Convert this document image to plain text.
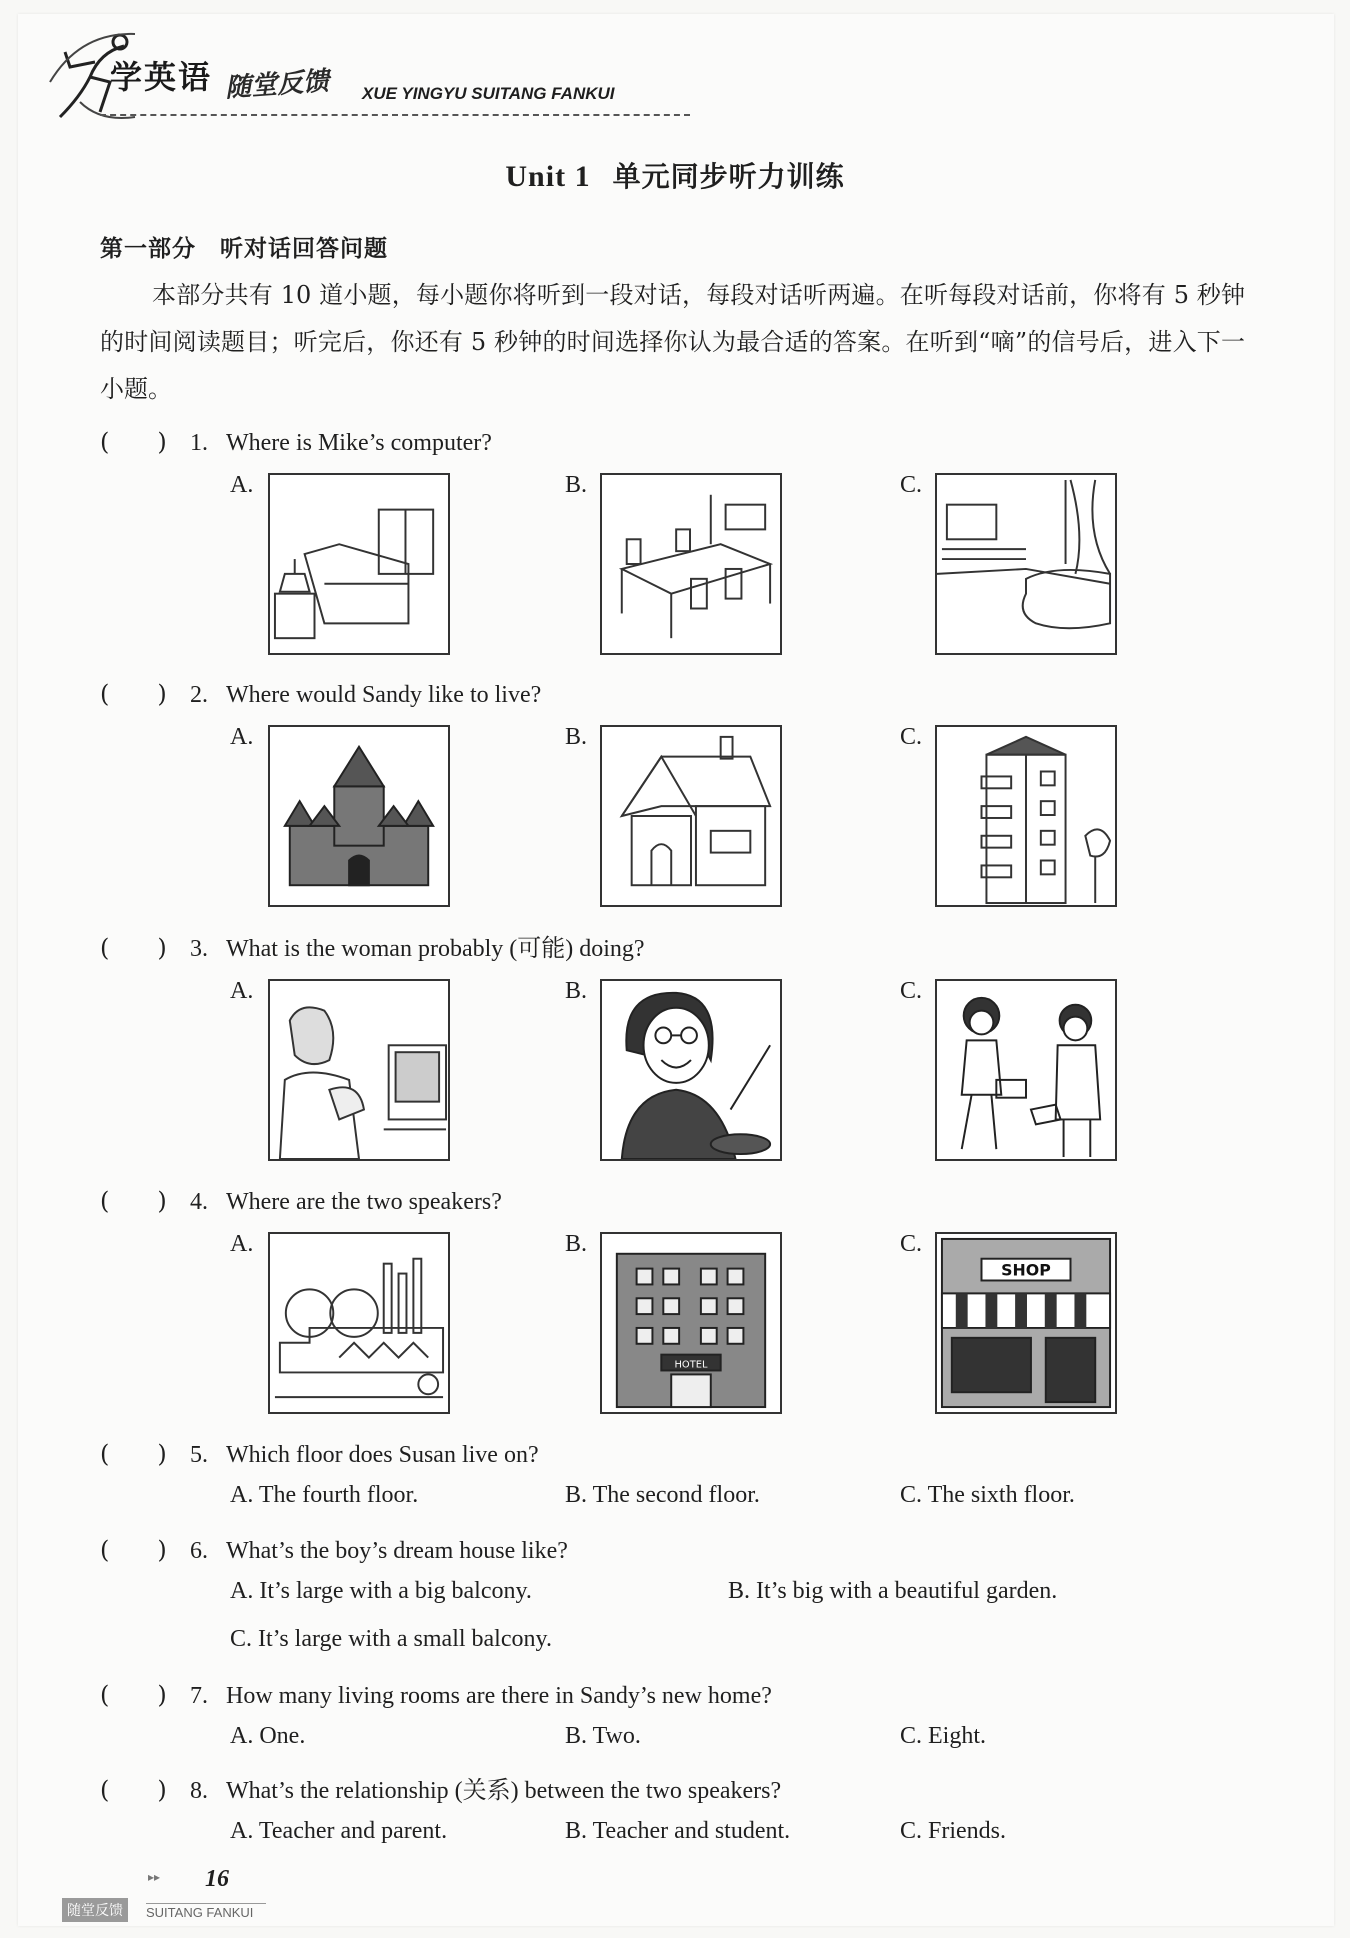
学英语 随堂反馈 XUE YINGYU SUITANG FANKUI
Unit 1 单元同步听力训练
第一部分　听对话回答问题
本部分共有 10 道小题，每小题你将听到一段对话，每段对话听两遍。在听每段对话前，你将有 5 秒钟的时间阅读题目；听完后，你还有 5 秒钟的时间选择你认为最合适的答案。在听到“嘀”的信号后，进入下一小题。
(　　) 1. Where is Mike’s computer?
A.	B.	C.
(　　) 2. Where would Sandy like to live?
A.	B.	C.
(　　) 3. What is the woman probably (可能) doing?
A.	B.	C.
(　　) 4. Where are the two speakers?
A.	B.	C.
HOTEL
SHOP
(　　) 5. Which floor does Susan live on?
A. The fourth floor.	B. The second floor.	C. The sixth floor.
(　　) 6. What’s the boy’s dream house like?
A. It’s large with a big balcony.	B. It’s big with a beautiful garden.
C. It’s large with a small balcony.
(　　) 7. How many living rooms are there in Sandy’s new home?
A. One.	B. Two.	C. Eight.
(　　) 8. What’s the relationship (关系) between the two speakers?
A. Teacher and parent.	B. Teacher and student.	C. Friends.
▸▸ 16
随堂反馈	SUITANG FANKUI
